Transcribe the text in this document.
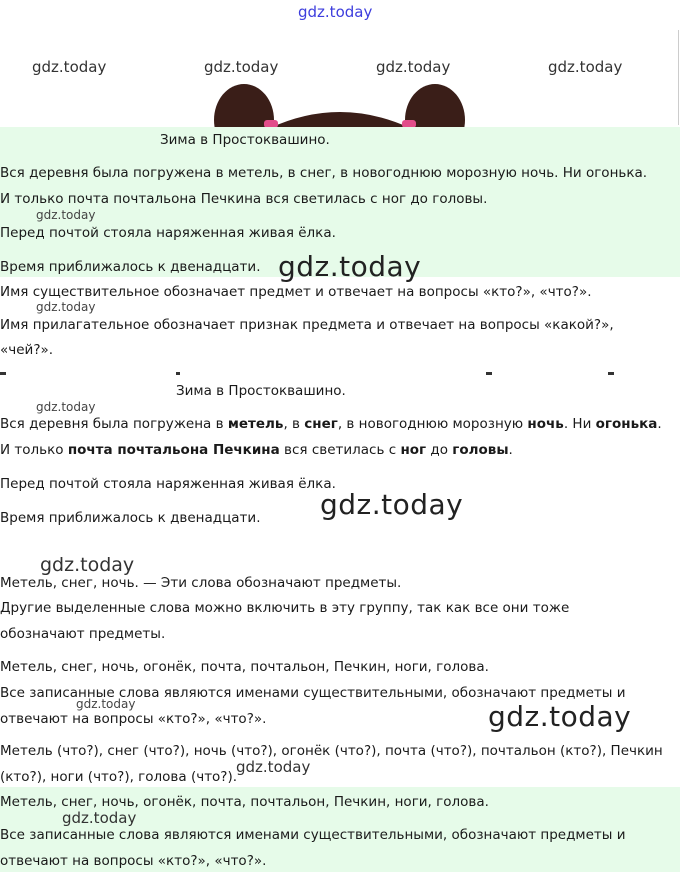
gdz.today
gdz.today	gdz.today	gdz.today	gdz.today
Зима в Простоквашино.
Вся деревня была погружена в метель, в снег, в новогоднюю морозную ночь. Ни огонька.
И только почта почтальона Печкина вся светилась с ног до головы.
Перед почтой стояла наряженная живая ёлка.
Время приближалось к двенадцати.
gdz.today
gdz.today
Имя существительное обозначает предмет и отвечает на вопросы «кто?», «что?».
gdz.today
Имя прилагательное обозначает признак предмета и отвечает на вопросы «какой?»,
«чей?».
Зима в Простоквашино.
gdz.today
Вся деревня была погружена в метель, в снег, в новогоднюю морозную ночь. Ни огонька.
И только почта почтальона Печкина вся светилась с ног до головы.
Перед почтой стояла наряженная живая ёлка.
Время приближалось к двенадцати. gdz.today
gdz.today
Метель, снег, ночь. — Эти слова обозначают предметы.
Другие выделенные слова можно включить в эту группу, так как все они тоже
обозначают предметы.
Метель, снег, ночь, огонёк, почта, почтальон, Печкин, ноги, голова.
Все записанные слова являются именами существительными, обозначают предметы и
gdz.today
отвечают на вопросы «кто?», «что?».	gdz.today
Метель (что?), снег (что?), ночь (что?), огонёк (что?), почта (что?), почтальон (кто?), Печкин
(кто?), ноги (что?), голова (что?).
gdz.today
Метель, снег, ночь, огонёк, почта, почтальон, Печкин, ноги, голова.
gdz.today
Все записанные слова являются именами существительными, обозначают предметы и
отвечают на вопросы «кто?», «что?».
